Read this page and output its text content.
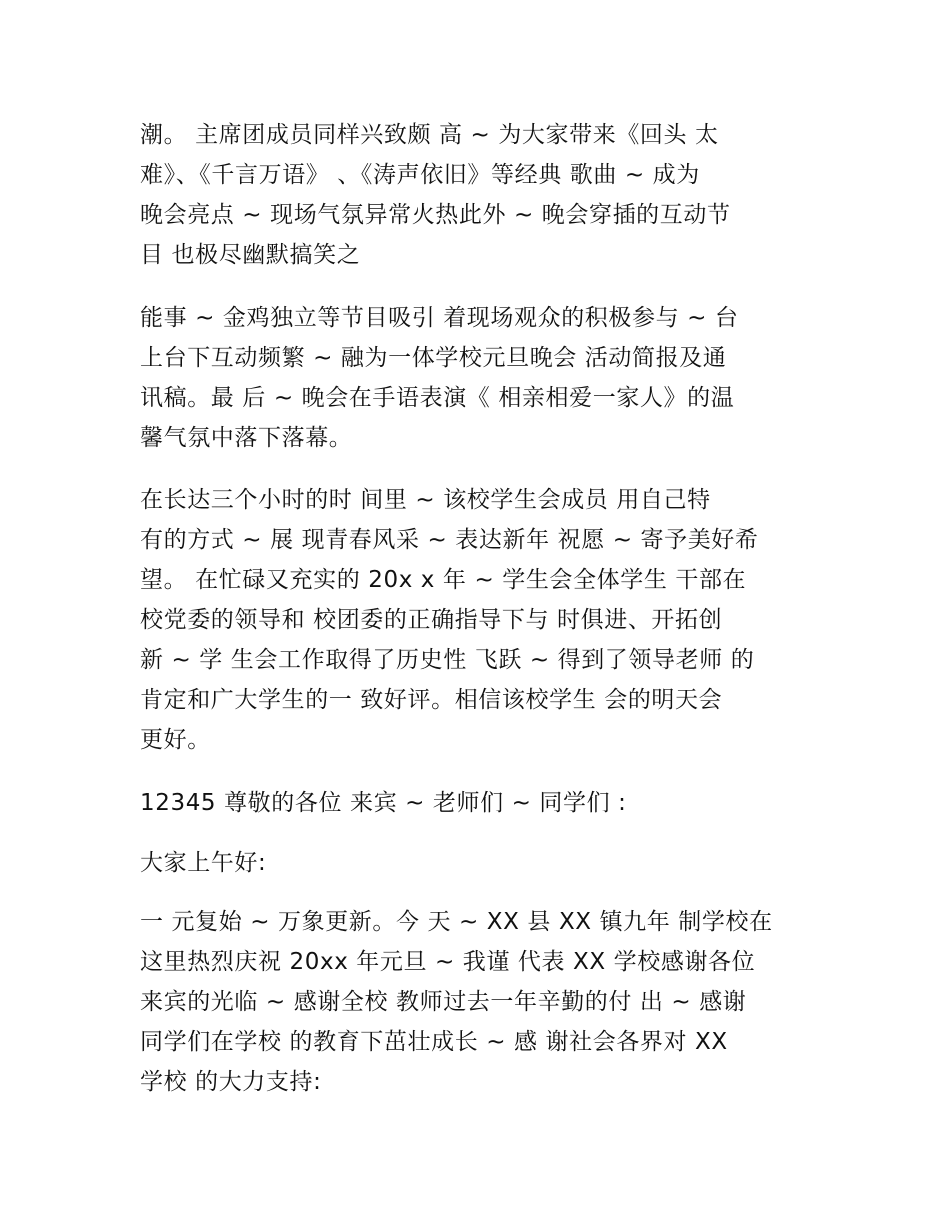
潮。 主席团成员同样兴致颇 高 ~ 为大家带来《回头 太

难》、《千言万语》 、《涛声依旧》等经典 歌曲 ~ 成为

晚会亮点 ~ 现场气氛异常火热此外 ~ 晚会穿插的互动节

目 也极尽幽默搞笑之

能事 ~ 金鸡独立等节目吸引 着现场观众的积极参与 ~ 台

上台下互动频繁 ~ 融为一体学校元旦晚会 活动简报及通

讯稿。最 后 ~ 晚会在手语表演《 相亲相爱一家人》的温

馨气氛中落下落幕。

在长达三个小时的时 间里 ~ 该校学生会成员 用自己特

有的方式 ~ 展 现青春风采 ~ 表达新年 祝愿 ~ 寄予美好希

望。 在忙碌又充实的 20x x 年 ~ 学生会全体学生 干部在

校党委的领导和 校团委的正确指导下与 时俱进、开拓创

新 ~ 学 生会工作取得了历史性 飞跃 ~ 得到了领导老师 的

肯定和广大学生的一 致好评。相信该校学生 会的明天会

更好。

12345 尊敬的各位 来宾 ~ 老师们 ~ 同学们 :

大家上午好:

一 元复始 ~ 万象更新。今 天 ~ XX 县 XX 镇九年 制学校在

这里热烈庆祝 20xx 年元旦 ~ 我谨 代表 XX 学校感谢各位

来宾的光临 ~ 感谢全校 教师过去一年辛勤的付 出 ~ 感谢

同学们在学校 的教育下茁壮成长 ~ 感 谢社会各界对 XX

学校 的大力支持:
